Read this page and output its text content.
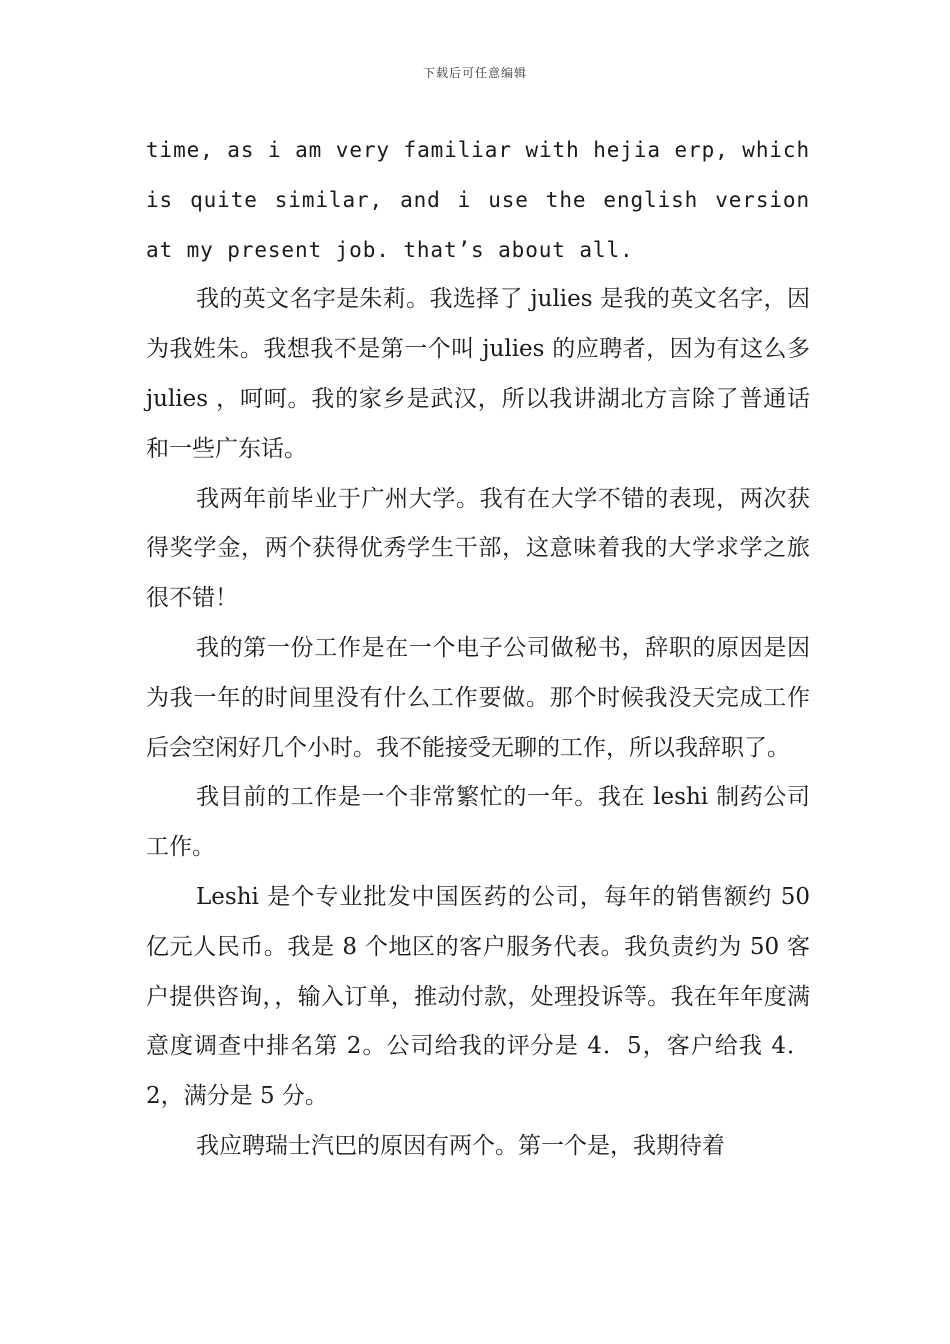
下载后可任意编辑

time, as i am very familiar with hejia erp, which is quite similar, and i use the english version at my present job. that’s about all.

我的英文名字是朱莉。我选择了 julies 是我的英文名字，因为我姓朱。我想我不是第一个叫 julies 的应聘者，因为有这么多 julies ，呵呵。我的家乡是武汉，所以我讲湖北方言除了普通话和一些广东话。

我两年前毕业于广州大学。我有在大学不错的表现，两次获得奖学金，两个获得优秀学生干部，这意味着我的大学求学之旅很不错！

我的第一份工作是在一个电子公司做秘书，辞职的原因是因为我一年的时间里没有什么工作要做。那个时候我没天完成工作后会空闲好几个小时。我不能接受无聊的工作，所以我辞职了。

我目前的工作是一个非常繁忙的一年。我在 leshi 制药公司工作。

Leshi 是个专业批发中国医药的公司，每年的销售额约 50 亿元人民币。我是 8 个地区的客户服务代表。我负责约为 50 客户提供咨询，，输入订单，推动付款，处理投诉等。我在年年度满意度调查中排名第 2。公司给我的评分是 4．5，客户给我 4．2，满分是 5 分。

我应聘瑞士汽巴的原因有两个。第一个是，我期待着
